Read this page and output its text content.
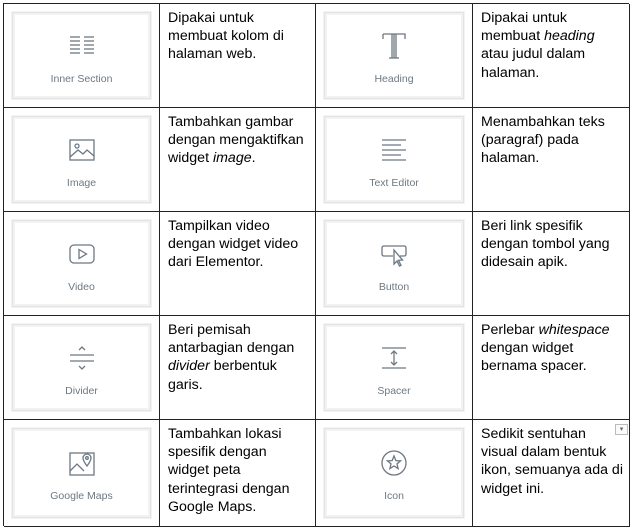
Inner Section
Dipakai untuk membuat kolom di halaman web.
Heading
Dipakai untuk membuat heading atau judul dalam halaman.
Image
Tambahkan gambar dengan mengaktifkan widget image.
Text Editor
Menambahkan teks (paragraf) pada halaman.
Video
Tampilkan video dengan widget video dari Elementor.
Button
Beri link spesifik dengan tombol yang didesain apik.
Divider
Beri pemisah antarbagian dengan divider berbentuk garis.	Spacer
Perlebar whitespace dengan widget bernama spacer.
Google Maps
Tambahkan lokasi spesifik dengan widget peta terintegrasi dengan Google Maps.
Icon
Sedikit sentuhan visual dalam bentuk ikon, semuanya ada di widget ini.
▾
